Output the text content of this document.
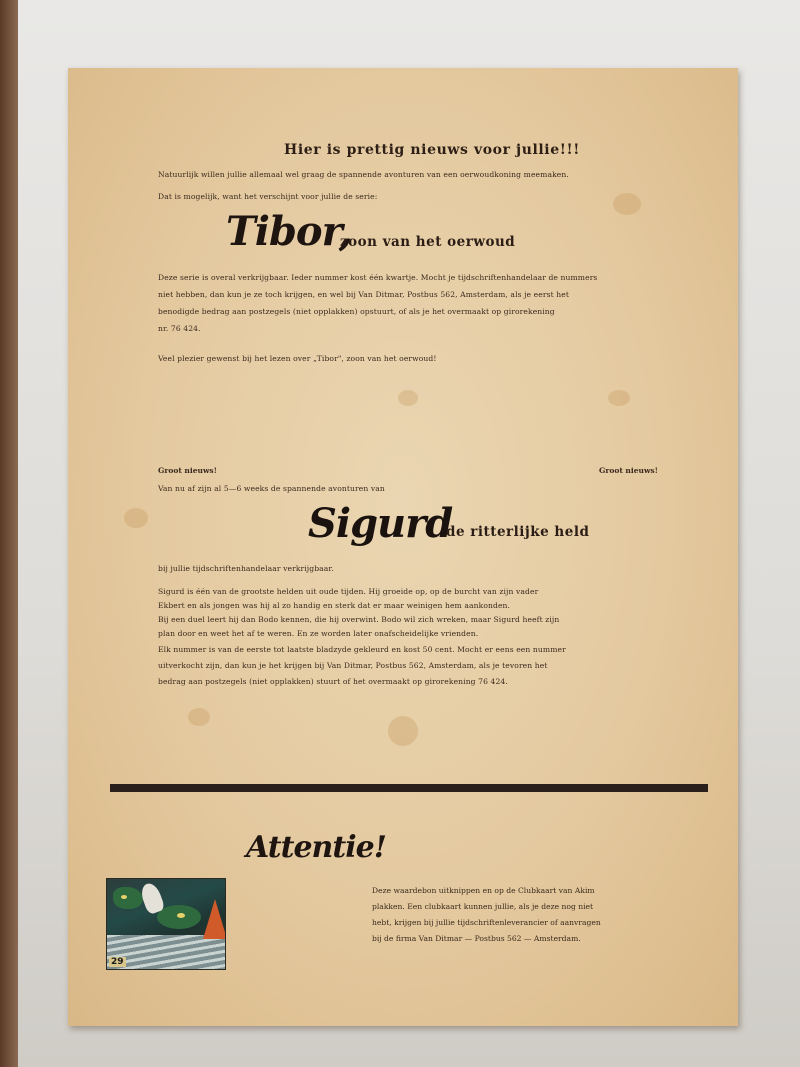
Hier is prettig nieuws voor jullie!!!
Natuurlijk willen jullie allemaal wel graag de spannende avonturen van een oerwoudkoning meemaken.
Dat is mogelijk, want het verschijnt voor jullie de serie:
Tibor,
zoon van het oerwoud
Deze serie is overal verkrijgbaar. Ieder nummer kost één kwartje. Mocht je tijdschriftenhandelaar de nummers
niet hebben, dan kun je ze toch krijgen, en wel bij Van Ditmar, Postbus 562, Amsterdam, als je eerst het
benodigde bedrag aan postzegels (niet opplakken) opstuurt, of als je het overmaakt op girorekening
nr. 76 424.
Veel plezier gewenst bij het lezen over „Tibor", zoon van het oerwoud!
Groot nieuws!	Groot nieuws!
Van nu af zijn al 5—6 weeks de spannende avonturen van
Sigurd
de ritterlijke held
bij jullie tijdschriftenhandelaar verkrijgbaar.
Sigurd is één van de grootste helden uit oude tijden. Hij groeide op, op de burcht van zijn vader
Ekbert en als jongen was hij al zo handig en sterk dat er maar weinigen hem aankonden.
Bij een duel leert hij dan Bodo kennen, die hij overwint. Bodo wil zich wreken, maar Sigurd heeft zijn
plan door en weet het af te weren. En ze worden later onafscheidelijke vrienden.
Elk nummer is van de eerste tot laatste bladzyde gekleurd en kost 50 cent. Mocht er eens een nummer
uitverkocht zijn, dan kun je het krijgen bij Van Ditmar, Postbus 562, Amsterdam, als je tevoren het
bedrag aan postzegels (niet opplakken) stuurt of het overmaakt op girorekening 76 424.
Attentie!
29
Deze waardebon uitknippen en op de Clubkaart van Akim
plakken. Een clubkaart kunnen jullie, als je deze nog niet
hebt, krijgen bij jullie tijdschriftenleverancier of aanvragen
bij de firma Van Ditmar — Postbus 562 — Amsterdam.
